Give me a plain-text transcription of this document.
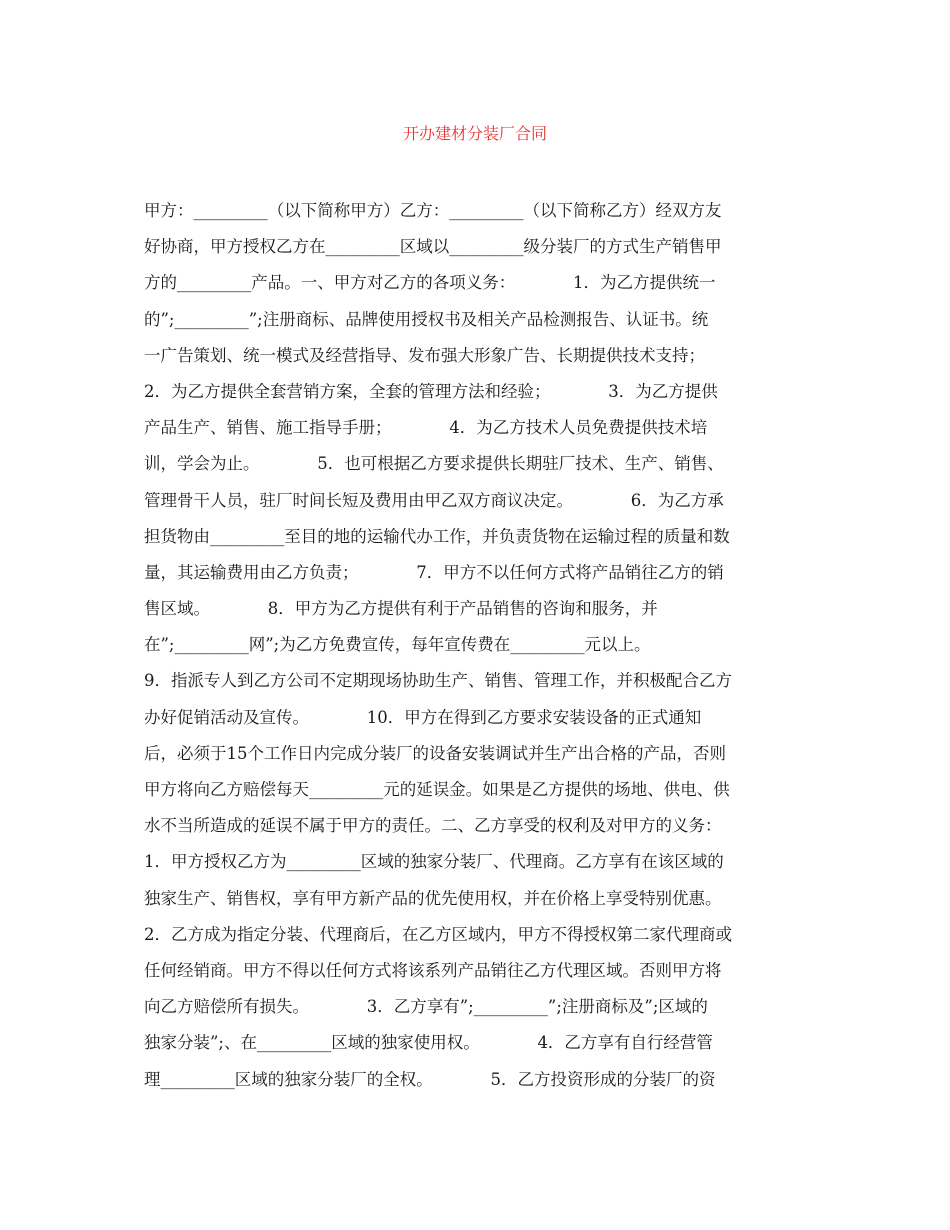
开办建材分装厂合同
甲方：_________（以下简称甲方）乙方：_________（以下简称乙方）经双方友
好协商，甲方授权乙方在_________区域以_________级分装厂的方式生产销售甲
方的_________产品。一、甲方对乙方的各项义务：           1．为乙方提供统一
的”;_________”;注册商标、品牌使用授权书及相关产品检测报告、认证书。统
一广告策划、统一模式及经营指导、发布强大形象广告、长期提供技术支持；
2．为乙方提供全套营销方案，全套的管理方法和经验；           3．为乙方提供
产品生产、销售、施工指导手册；           4．为乙方技术人员免费提供技术培
训，学会为止。           5．也可根据乙方要求提供长期驻厂技术、生产、销售、
管理骨干人员，驻厂时间长短及费用由甲乙双方商议决定。           6．为乙方承
担货物由_________至目的地的运输代办工作，并负责货物在运输过程的质量和数
量，其运输费用由乙方负责；           7．甲方不以任何方式将产品销往乙方的销
售区域。           8．甲方为乙方提供有利于产品销售的咨询和服务，并
在”;_________网”;为乙方免费宣传，每年宣传费在_________元以上。
9．指派专人到乙方公司不定期现场协助生产、销售、管理工作，并积极配合乙方
办好促销活动及宣传。           10．甲方在得到乙方要求安装设备的正式通知
后，必须于15个工作日内完成分装厂的设备安装调试并生产出合格的产品，否则
甲方将向乙方赔偿每天_________元的延误金。如果是乙方提供的场地、供电、供
水不当所造成的延误不属于甲方的责任。二、乙方享受的权利及对甲方的义务：
1．甲方授权乙方为_________区域的独家分装厂、代理商。乙方享有在该区域的
独家生产、销售权，享有甲方新产品的优先使用权，并在价格上享受特别优惠。
2．乙方成为指定分装、代理商后，在乙方区域内，甲方不得授权第二家代理商或
任何经销商。甲方不得以任何方式将该系列产品销往乙方代理区域。否则甲方将
向乙方赔偿所有损失。           3．乙方享有”;_________”;注册商标及”;区域的
独家分装”;、在_________区域的独家使用权。           4．乙方享有自行经营管
理_________区域的独家分装厂的全权。           5．乙方投资形成的分装厂的资
